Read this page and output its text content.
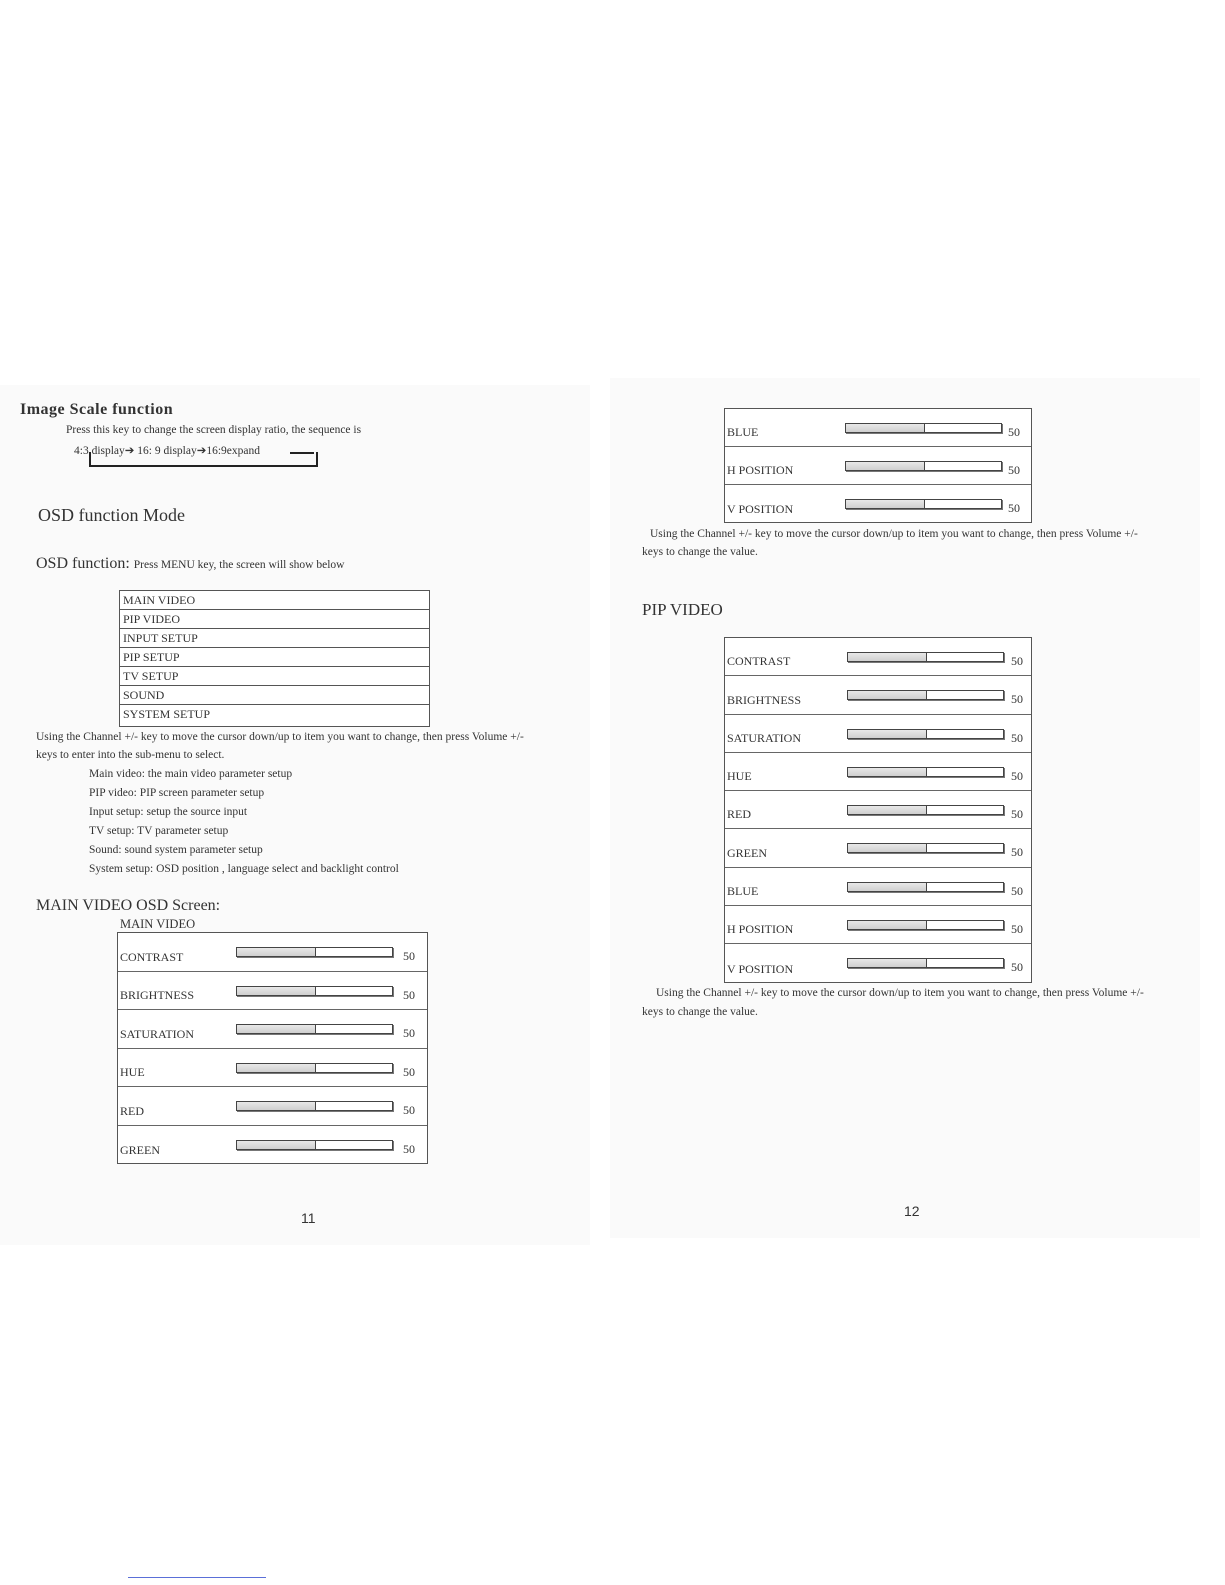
Image Scale function
Press this key to change the screen display ratio, the sequence is
4:3 display➔ 16: 9 display➔16:9expand
OSD function Mode
OSD function: Press MENU key, the screen will show below
MAIN VIDEO
PIP VIDEO
INPUT SETUP
PIP SETUP
TV SETUP
SOUND
SYSTEM SETUP
Using the Channel +/- key to move the cursor down/up to item you want to change, then press Volume +/-
keys to enter into the sub-menu to select.
Main video: the main video parameter setup
PIP video: PIP screen parameter setup
Input setup: setup the source input
TV setup: TV parameter setup
Sound: sound system parameter setup
System setup: OSD position , language select and backlight control
MAIN VIDEO OSD Screen:
MAIN VIDEO
CONTRAST	50
BRIGHTNESS	50
SATURATION	50
HUE	50
RED	50
GREEN	50
11
BLUE	50
H POSITION	50
V POSITION	50
Using the Channel +/- key to move the cursor down/up to item you want to change, then press Volume +/-
keys to change the value.
PIP VIDEO
CONTRAST	50
BRIGHTNESS	50
SATURATION	50
HUE	50
RED	50
GREEN	50
BLUE	50
H POSITION	50
V POSITION	50
Using the Channel +/- key to move the cursor down/up to item you want to change, then press Volume +/-
keys to change the value.
12
